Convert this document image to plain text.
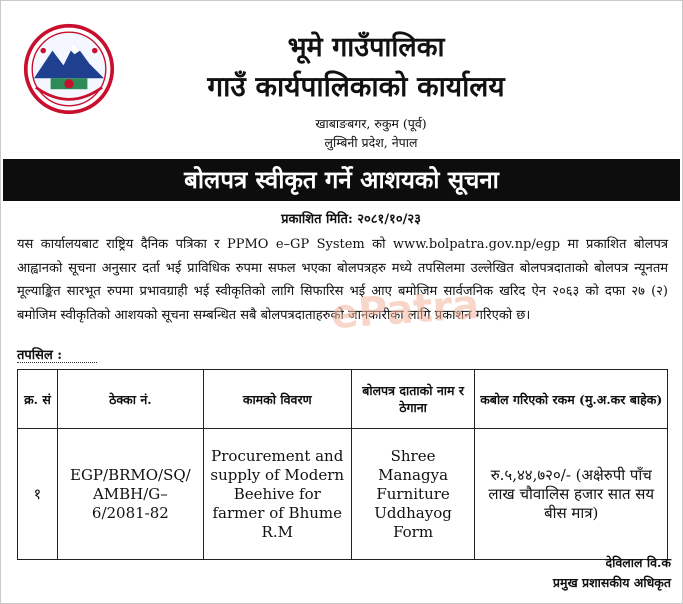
भूमे गाउँपालिका
गाउँ कार्यपालिकाको कार्यालय
खाबाङबगर, रुकुम (पूर्व)
लुम्बिनी प्रदेश, नेपाल
बोलपत्र स्वीकृत गर्ने आशयको सूचना
प्रकाशित मिति: २०८१/१०/२३
यस कार्यालयबाट राष्ट्रिय दैनिक पत्रिका र PPMO e–GP System को www.bolpatra.gov.np/egp मा प्रकाशित बोलपत्र आह्वानको सूचना अनुसार दर्ता भई प्राविधिक रुपमा सफल भएका बोलपत्रहरु मध्ये तपसिलमा उल्लेखित बोलपत्रदाताको बोलपत्र न्यूनतम मूल्याङ्कित सारभूत रुपमा प्रभावग्राही भई स्वीकृतिको लागि सिफारिस भई आए बमोजिम सार्वजनिक खरिद ऐन २०६३ को दफा २७ (२) बमोजिम स्वीकृतिको आशयको सूचना सम्बन्धित सबै बोलपत्रदाताहरुको जानकारीका लागि प्रकाशन गरिएको छ।
ePatra
तपसिल :
क्र. सं	ठेक्का नं.	कामको विवरण	बोलपत्र दाताको नाम र ठेगाना	कबोल गरिएको रकम (मु.अ.कर बाहेक)
१	EGP/BRMO/SQ/ AMBH/G– 6/2081-82	Procurement and supply of Modern Beehive for farmer of Bhume R.M	Shree Managya Furniture Uddhayog Form	रु.५,४४,७२०/- (अक्षेरुपी पाँच लाख चौवालिस हजार सात सय बीस मात्र)
देविलाल वि.क
प्रमुख प्रशासकीय अधिकृत
